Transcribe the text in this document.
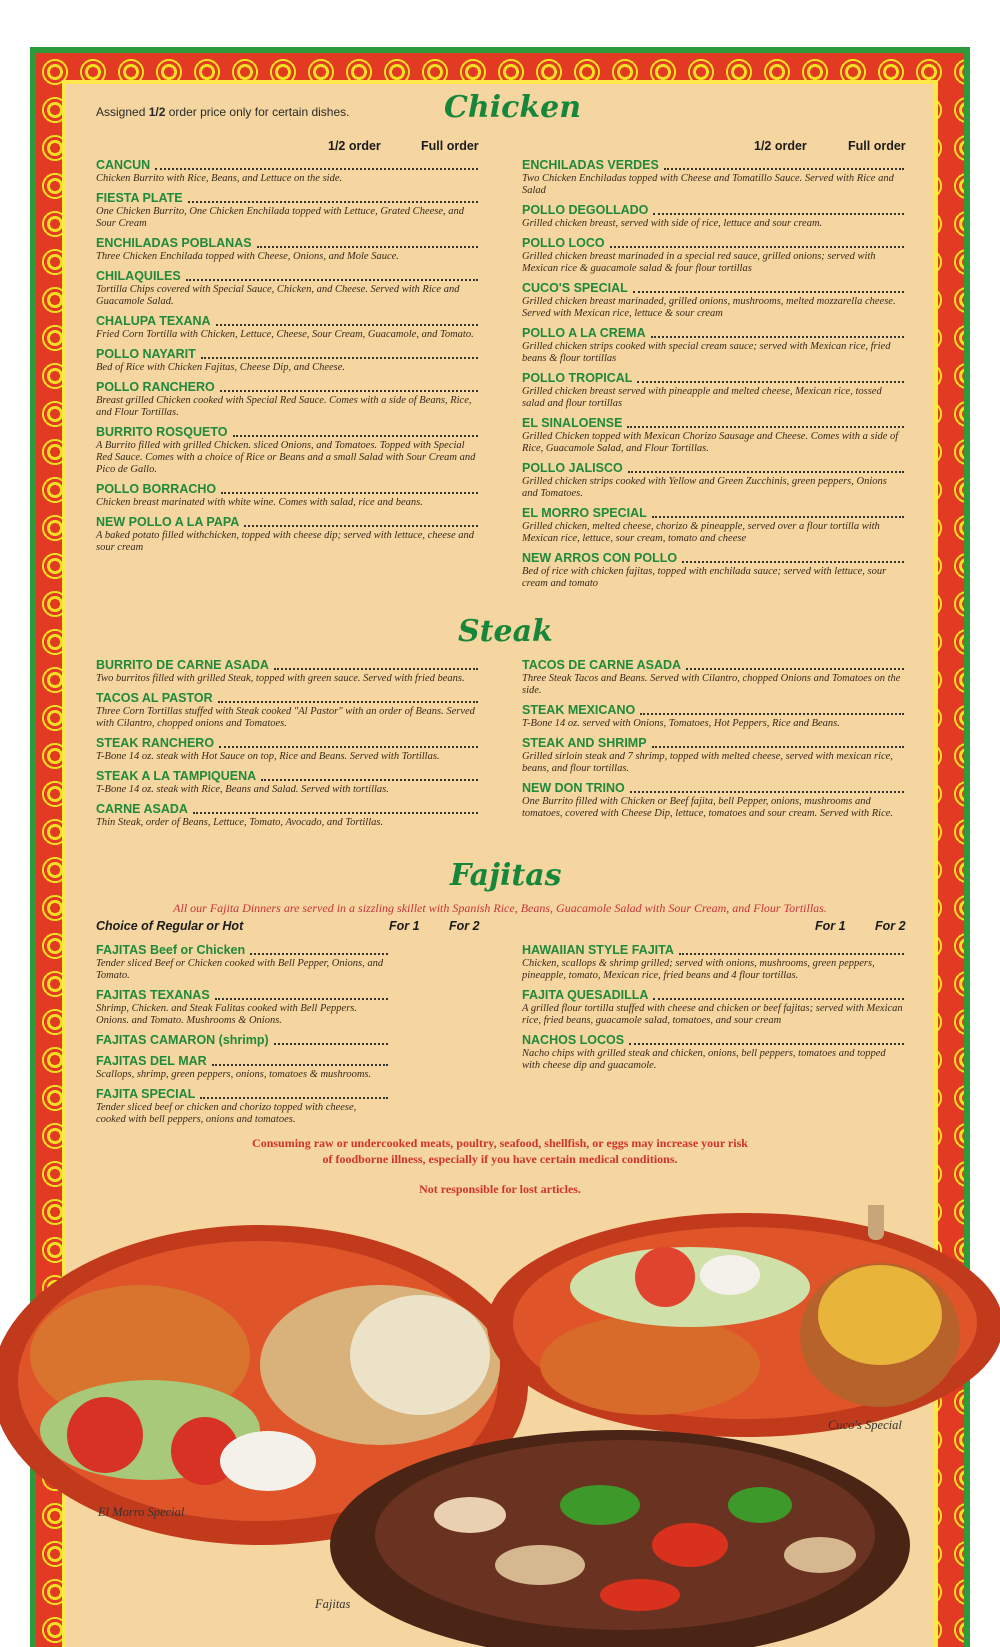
Assigned 1/2 order price only for certain dishes.	Chicken
1/2 order	Full order	1/2 order	Full order
CANCUN
Chicken Burrito with Rice, Beans, and Lettuce on the side.
FIESTA PLATE
One Chicken Burrito, One Chicken Enchilada topped with Lettuce, Grated Cheese, and Sour Cream
ENCHILADAS POBLANAS
Three Chicken Enchilada topped with Cheese, Onions, and Mole Sauce.
CHILAQUILES
Tortilla Chips covered with Special Sauce, Chicken, and Cheese. Served with Rice and Guacamole Salad.
CHALUPA TEXANA
Fried Corn Tortilla with Chicken, Lettuce, Cheese, Sour Cream, Guacamole, and Tomato.
POLLO NAYARIT
Bed of Rice with Chicken Fajitas, Cheese Dip, and Cheese.
POLLO RANCHERO
Breast grilled Chicken cooked with Special Red Sauce. Comes with a side of Beans, Rice, and Flour Tortillas.
BURRITO ROSQUETO
A Burrito filled with grilled Chicken. sliced Onions, and Tomatoes. Topped with Special Red Sauce. Comes with a choice of Rice or Beans and a small Salad with Sour Cream and Pico de Gallo.
POLLO BORRACHO
Chicken breast marinated with white wine. Comes with salad, rice and beans.
NEW POLLO A LA PAPA
A baked potato filled withchicken, topped with cheese dip; served with lettuce, cheese and sour cream
ENCHILADAS VERDES
Two Chicken Enchiladas topped with Cheese and Tomatillo Sauce. Served with Rice and Salad
POLLO DEGOLLADO
Grilled chicken breast, served with side of rice, lettuce and sour cream.
POLLO LOCO
Grilled chicken breast marinaded in a special red sauce, grilled onions; served with Mexican rice & guacamole salad & four flour tortillas
CUCO'S SPECIAL
Grilled chicken breast marinaded, grilled onions, mushrooms, melted mozzarella cheese. Served with Mexican rice, lettuce & sour cream
POLLO A LA CREMA
Grilled chicken strips cooked with special cream sauce; served with Mexican rice, fried beans & flour tortillas
POLLO TROPICAL
Grilled chicken breast served with pineapple and melted cheese, Mexican rice, tossed salad and flour tortillas
EL SINALOENSE
Grilled Chicken topped with Mexican Chorizo Sausage and Cheese. Comes with a side of Rice, Guacamole Salad, and Flour Tortillas.
POLLO JALISCO
Grilled chicken strips cooked with Yellow and Green Zucchinis, green peppers, Onions and Tomatoes.
EL MORRO SPECIAL
Grilled chicken, melted cheese, chorizo & pineapple, served over a flour tortilla with Mexican rice, lettuce, sour cream, tomato and cheese
NEW ARROS CON POLLO
Bed of rice with chicken fajitas, topped with enchilada sauce; served with lettuce, sour cream and tomato
Steak
BURRITO DE CARNE ASADA
Two burritos filled with grilled Steak, topped with green sauce. Served with fried beans.
TACOS AL PASTOR
Three Corn Tortillas stuffed with Steak cooked "Al Pastor" with an order of Beans. Served with Cilantro, chopped onions and Tomatoes.
STEAK RANCHERO
T-Bone 14 oz. steak with Hot Sauce on top, Rice and Beans. Served with Tortillas.
STEAK A LA TAMPIQUENA
T-Bone 14 oz. steak with Rice, Beans and Salad. Served with tortillas.
CARNE ASADA
Thin Steak, order of Beans, Lettuce, Tomato, Avocado, and Tortillas.
TACOS DE CARNE ASADA
Three Steak Tacos and Beans. Served with Cilantro, chopped Onions and Tomatoes on the side.
STEAK MEXICANO
T-Bone 14 oz. served with Onions, Tomatoes, Hot Peppers, Rice and Beans.
STEAK AND SHRIMP
Grilled sirloin steak and 7 shrimp, topped with melted cheese, served with mexican rice, beans, and flour tortillas.
NEW DON TRINO
One Burrito filled with Chicken or Beef fajita, bell Pepper, onions, mushrooms and tomatoes, covered with Cheese Dip, lettuce, tomatoes and sour cream. Served with Rice.
Fajitas
All our Fajita Dinners are served in a sizzling skillet with Spanish Rice, Beans, Guacamole Salad with Sour Cream, and Flour Tortillas.
Choice of Regular or Hot	For 1 For 2	For 1 For 2
FAJITAS Beef or Chicken
Tender sliced Beef or Chicken cooked with Bell Pepper, Onions, and Tomato.
FAJITAS TEXANAS
Shrimp, Chicken. and Steak Falitas cooked with Bell Peppers. Onions. and Tomato. Mushrooms & Onions.
FAJITAS CAMARON (shrimp)
FAJITAS DEL MAR
Scallops, shrimp, green peppers, onions, tomatoes & mushrooms.
FAJITA SPECIAL
Tender sliced beef or chicken and chorizo topped with cheese, cooked with bell peppers, onions and tomatoes.
HAWAIIAN STYLE FAJITA
Chicken, scallops & shrimp grilled; served with onions, mushrooms, green peppers, pineapple, tomato, Mexican rice, fried beans and 4 flour tortillas.
FAJITA QUESADILLA
A grilled flour tortilla stuffed with cheese and chicken or beef fajitas; served with Mexican rice, fried beans, guacamole salad, tomatoes, and sour cream
NACHOS LOCOS
Nacho chips with grilled steak and chicken, onions, bell peppers, tomatoes and topped with cheese dip and guacamole.
Consuming raw or undercooked meats, poultry, seafood, shellfish, or eggs may increase your risk
of foodborne illness, especially if you have certain medical conditions.
Not responsible for lost articles.
Cuco's Special
El Morro Special
Fajitas
